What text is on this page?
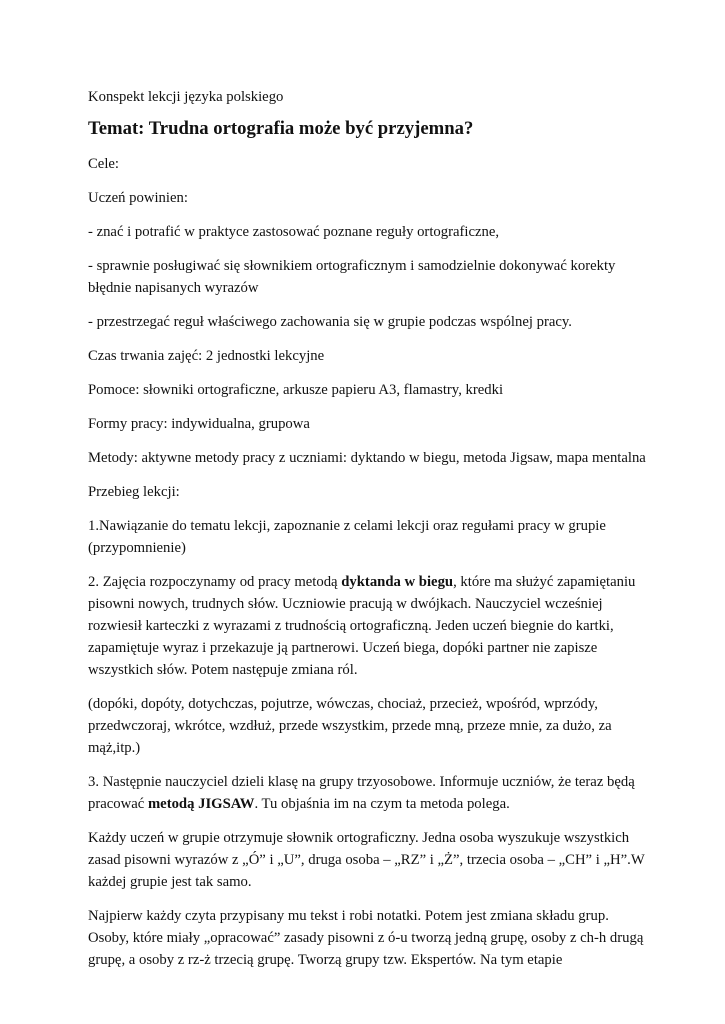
Konspekt lekcji języka polskiego

Temat: Trudna ortografia może być przyjemna?

Cele:

Uczeń powinien:

- znać i potrafić w praktyce zastosować poznane reguły ortograficzne,

- sprawnie posługiwać się słownikiem ortograficznym i samodzielnie dokonywać korekty błędnie napisanych wyrazów

- przestrzegać reguł właściwego zachowania się w grupie podczas wspólnej pracy.

Czas trwania zajęć: 2 jednostki lekcyjne

Pomoce: słowniki ortograficzne, arkusze papieru A3, flamastry, kredki

Formy pracy: indywidualna, grupowa

Metody: aktywne metody pracy z uczniami: dyktando w biegu, metoda Jigsaw, mapa mentalna

Przebieg lekcji:

1.Nawiązanie do tematu lekcji, zapoznanie z celami lekcji oraz regułami pracy w grupie (przypomnienie)

2. Zajęcia rozpoczynamy od pracy metodą dyktanda w biegu, które ma służyć zapamiętaniu pisowni nowych, trudnych słów. Uczniowie pracują w dwójkach. Nauczyciel wcześniej rozwiesił karteczki z wyrazami z trudnością ortograficzną. Jeden uczeń biegnie do kartki, zapamiętuje wyraz i przekazuje ją partnerowi. Uczeń biega, dopóki partner nie zapisze wszystkich słów. Potem następuje zmiana ról.

(dopóki, dopóty, dotychczas, pojutrze, wówczas, chociaż, przecież, wpośród, wprzódy, przedwczoraj, wkrótce, wzdłuż, przede wszystkim, przede mną, przeze mnie, za dużo, za mąż,itp.)

3. Następnie nauczyciel dzieli klasę na grupy trzyosobowe. Informuje uczniów, że teraz będą pracować metodą JIGSAW. Tu objaśnia im na czym ta metoda polega.

Każdy uczeń w grupie otrzymuje słownik ortograficzny. Jedna osoba wyszukuje wszystkich zasad pisowni wyrazów z „Ó” i „U”, druga osoba – „RZ” i „Ż”, trzecia osoba – „CH” i „H”.W każdej grupie jest tak samo.

Najpierw każdy czyta przypisany mu tekst i robi notatki. Potem jest zmiana składu grup. Osoby, które miały „opracować” zasady pisowni z ó-u tworzą jedną grupę, osoby z ch-h drugą grupę, a osoby z rz-ż trzecią grupę. Tworzą grupy tzw. Ekspertów. Na tym etapie
